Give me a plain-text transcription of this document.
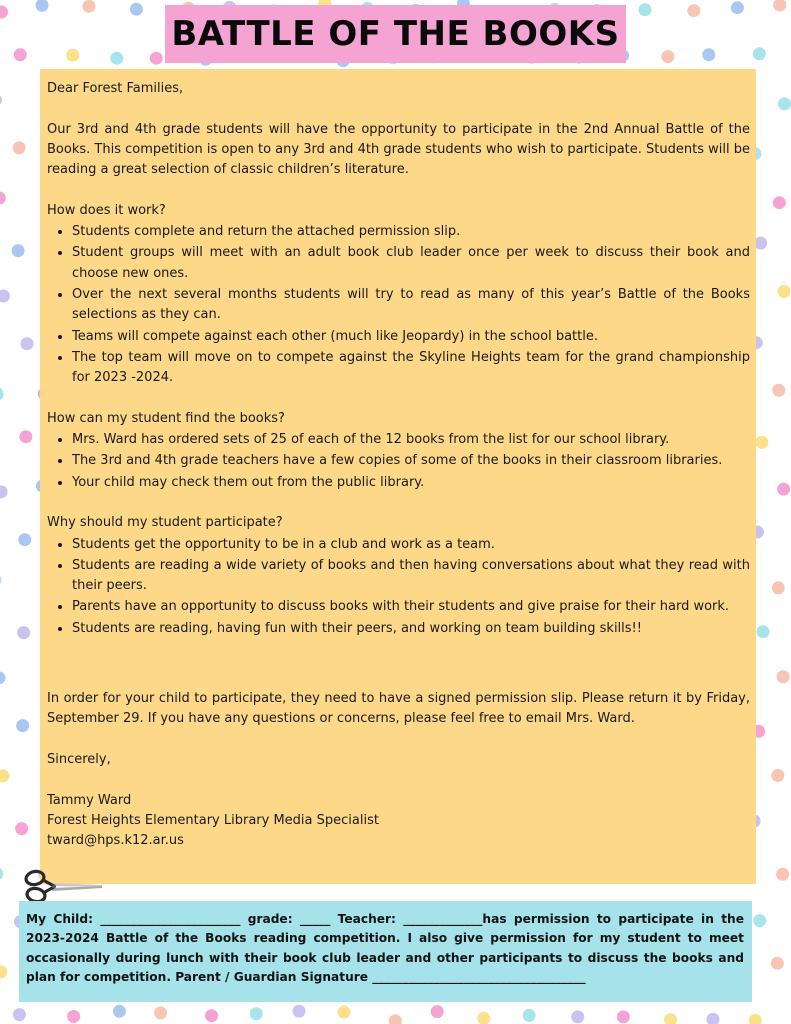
BATTLE OF THE BOOKS

Dear Forest Families,

Our 3rd and 4th grade students will have the opportunity to participate in the 2nd Annual Battle of the Books. This competition is open to any 3rd and 4th grade students who wish to participate. Students will be reading a great selection of classic children’s literature.

How does it work?

• Students complete and return the attached permission slip.
• Student groups will meet with an adult book club leader once per week to discuss their book and choose new ones.
• Over the next several months students will try to read as many of this year’s Battle of the Books selections as they can.
• Teams will compete against each other (much like Jeopardy) in the school battle.
• The top team will move on to compete against the Skyline Heights team for the grand championship for 2023 -2024.

How can my student find the books?

• Mrs. Ward has ordered sets of 25 of each of the 12 books from the list for our school library.
• The 3rd and 4th grade teachers have a few copies of some of the books in their classroom libraries.
• Your child may check them out from the public library.

Why should my student participate?

• Students get the opportunity to be in a club and work as a team.
• Students are reading a wide variety of books and then having conversations about what they read with their peers.
• Parents have an opportunity to discuss books with their students and give praise for their hard work.
• Students are reading, having fun with their peers, and working on team building skills!!

In order for your child to participate, they need to have a signed permission slip. Please return it by Friday, September 29. If you have any questions or concerns, please feel free to email Mrs. Ward.

Sincerely,

Tammy Ward

Forest Heights Elementary Library Media Specialist

tward@hps.k12.ar.us

My Child: _______________________ grade: _____ Teacher: _____________has permission to participate in the 2023-2024 Battle of the Books reading competition. I also give permission for my student to meet occasionally during lunch with their book club leader and other participants to discuss the books and plan for competition. Parent / Guardian Signature ___________________________________
